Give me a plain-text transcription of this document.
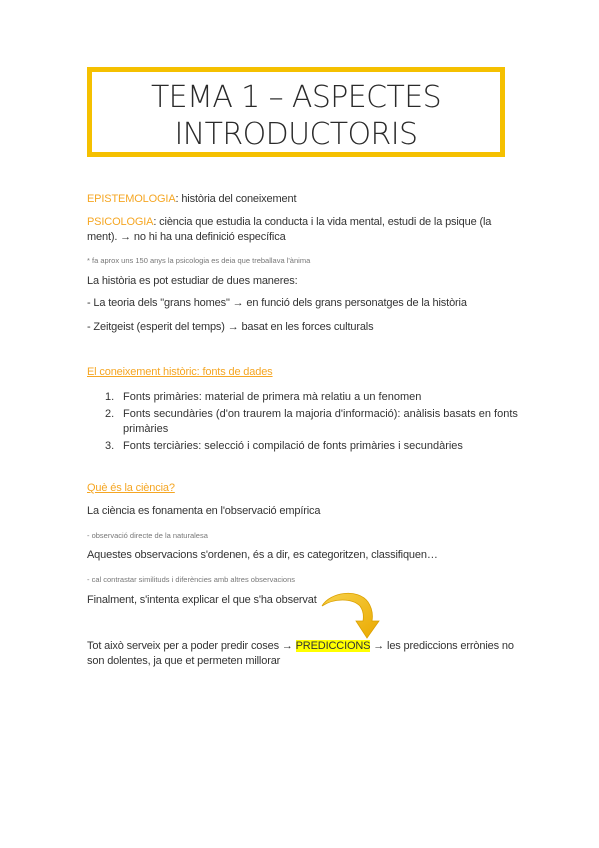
TEMA 1 – ASPECTES
INTRODUCTORIS

EPISTEMOLOGIA: història del coneixement

PSICOLOGIA: ciència que estudia la conducta i la vida mental, estudi de la psique (la ment). → no hi ha una definició específica

* fa aprox uns 150 anys la psicologia es deia que treballava l'ànima

La història es pot estudiar de dues maneres:

- La teoria dels "grans homes" → en funció dels grans personatges de la història

- Zeitgeist (esperit del temps) → basat en les forces culturals

El coneixement històric: fonts de dades

1. Fonts primàries: material de primera mà relatiu a un fenomen
2. Fonts secundàries (d'on traurem la majoria d'informació): anàlisis basats en fonts primàries
3. Fonts terciàries: selecció i compilació de fonts primàries i secundàries

Què és la ciència?

La ciència es fonamenta en l'observació empírica

- observació directe de la naturalesa

Aquestes observacions s'ordenen, és a dir, es categoritzen, classifiquen…

- cal contrastar similituds i diferències amb altres observacions

Finalment, s'intenta explicar el que s'ha observat

Tot això serveix per a poder predir coses → PREDICCIONS → les prediccions errònies no son dolentes, ja que et permeten millorar
